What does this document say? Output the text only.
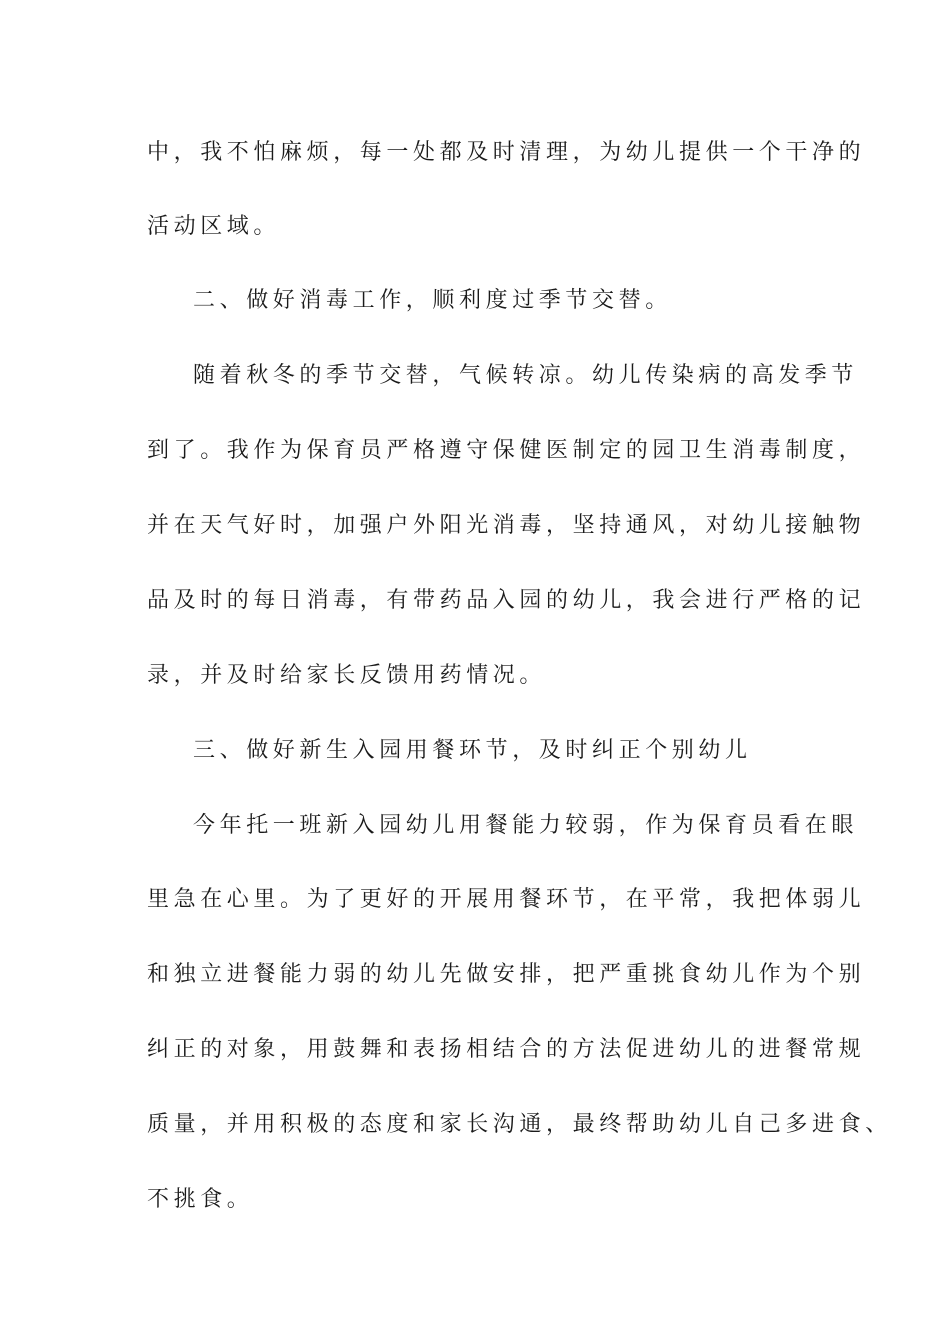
中，我不怕麻烦，每一处都及时清理，为幼儿提供一个干净的
活动区域。
二、做好消毒工作，顺利度过季节交替。
随着秋冬的季节交替，气候转凉。幼儿传染病的高发季节
到了。我作为保育员严格遵守保健医制定的园卫生消毒制度，
并在天气好时，加强户外阳光消毒，坚持通风，对幼儿接触物
品及时的每日消毒，有带药品入园的幼儿，我会进行严格的记
录，并及时给家长反馈用药情况。
三、做好新生入园用餐环节，及时纠正个别幼儿
今年托一班新入园幼儿用餐能力较弱，作为保育员看在眼
里急在心里。为了更好的开展用餐环节，在平常，我把体弱儿
和独立进餐能力弱的幼儿先做安排，把严重挑食幼儿作为个别
纠正的对象，用鼓舞和表扬相结合的方法促进幼儿的进餐常规
质量，并用积极的态度和家长沟通，最终帮助幼儿自己多进食、
不挑食。
